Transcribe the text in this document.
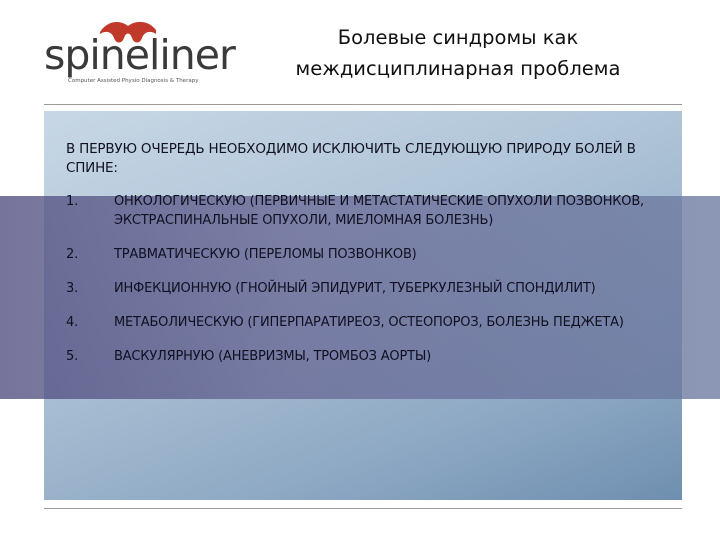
spineliner
Computer Assisted Physio Diagnosis & Therapy
Болевые синдромы как
междисциплинарная проблема

В ПЕРВУЮ ОЧЕРЕДЬ НЕОБХОДИМО ИСКЛЮЧИТЬ СЛЕДУЮЩУЮ ПРИРОДУ БОЛЕЙ В СПИНЕ:

1.	ОНКОЛОГИЧЕСКУЮ (ПЕРВИЧНЫЕ И МЕТАСТАТИЧЕСКИЕ ОПУХОЛИ ПОЗВОНКОВ, ЭКСТРАСПИНАЛЬНЫЕ ОПУХОЛИ, МИЕЛОМНАЯ БОЛЕЗНЬ)
2.	ТРАВМАТИЧЕСКУЮ (ПЕРЕЛОМЫ ПОЗВОНКОВ)
3.	ИНФЕКЦИОННУЮ (ГНОЙНЫЙ ЭПИДУРИТ, ТУБЕРКУЛЕЗНЫЙ СПОНДИЛИТ)
4.	МЕТАБОЛИЧЕСКУЮ (ГИПЕРПАРАТИРЕОЗ, ОСТЕОПОРОЗ, БОЛЕЗНЬ ПЕДЖЕТА)
5.	ВАСКУЛЯРНУЮ (АНЕВРИЗМЫ, ТРОМБОЗ АОРТЫ)
